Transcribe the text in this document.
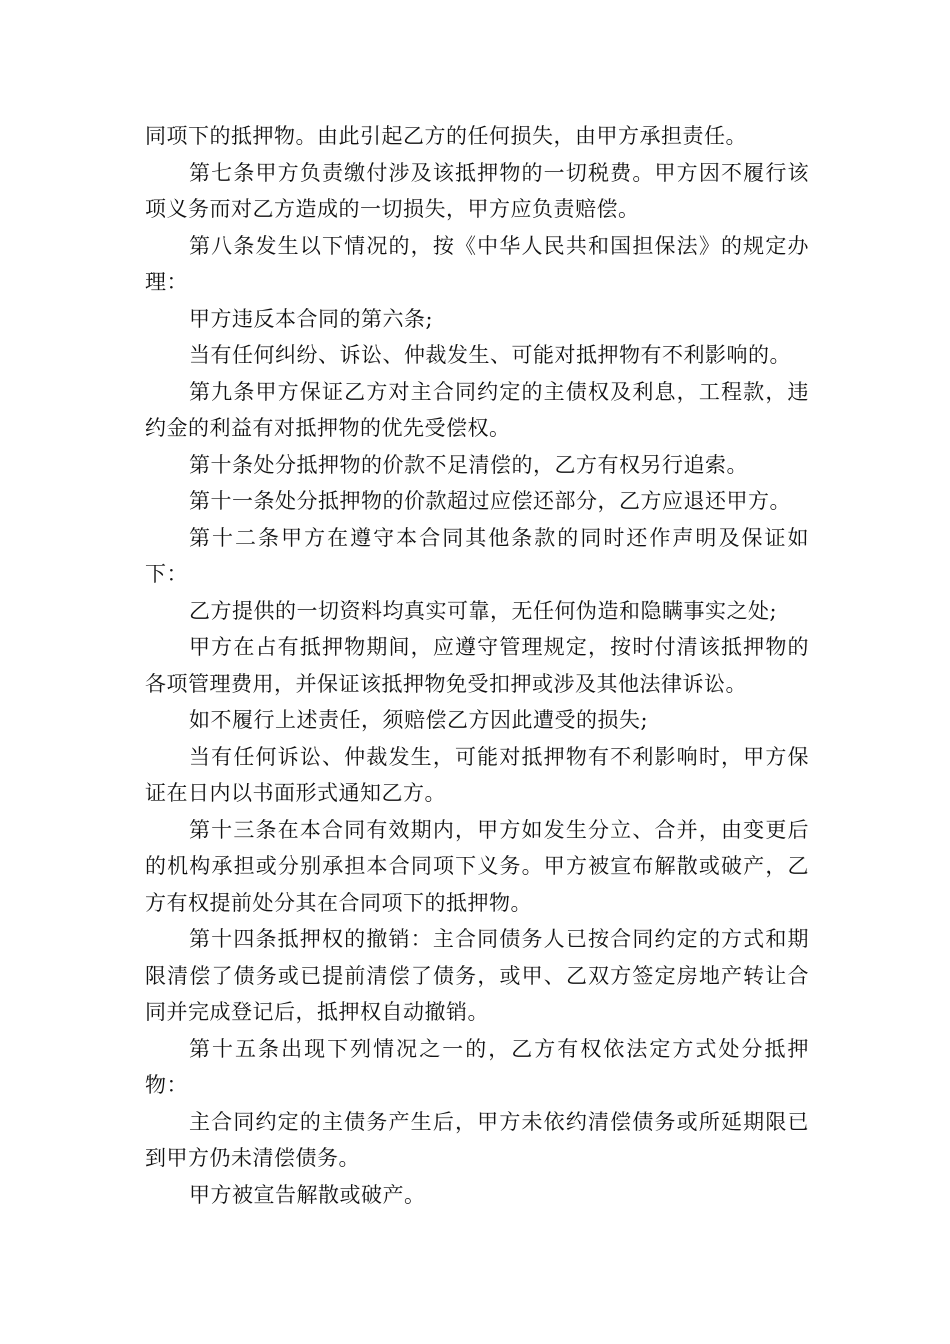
同项下的抵押物。由此引起乙方的任何损失，由甲方承担责任。

第七条甲方负责缴付涉及该抵押物的一切税费。甲方因不履行该项义务而对乙方造成的一切损失，甲方应负责赔偿。

第八条发生以下情况的，按《中华人民共和国担保法》的规定办理：

甲方违反本合同的第六条;

当有任何纠纷、诉讼、仲裁发生、可能对抵押物有不利影响的。

第九条甲方保证乙方对主合同约定的主债权及利息，工程款，违约金的利益有对抵押物的优先受偿权。

第十条处分抵押物的价款不足清偿的，乙方有权另行追索。

第十一条处分抵押物的价款超过应偿还部分，乙方应退还甲方。

第十二条甲方在遵守本合同其他条款的同时还作声明及保证如下：

乙方提供的一切资料均真实可靠，无任何伪造和隐瞒事实之处;

甲方在占有抵押物期间，应遵守管理规定，按时付清该抵押物的各项管理费用，并保证该抵押物免受扣押或涉及其他法律诉讼。

如不履行上述责任，须赔偿乙方因此遭受的损失;

当有任何诉讼、仲裁发生，可能对抵押物有不利影响时，甲方保证在日内以书面形式通知乙方。

第十三条在本合同有效期内，甲方如发生分立、合并，由变更后的机构承担或分别承担本合同项下义务。甲方被宣布解散或破产，乙方有权提前处分其在合同项下的抵押物。

第十四条抵押权的撤销：主合同债务人已按合同约定的方式和期限清偿了债务或已提前清偿了债务，或甲、乙双方签定房地产转让合同并完成登记后，抵押权自动撤销。

第十五条出现下列情况之一的，乙方有权依法定方式处分抵押物：

主合同约定的主债务产生后，甲方未依约清偿债务或所延期限已到甲方仍未清偿债务。

甲方被宣告解散或破产。
